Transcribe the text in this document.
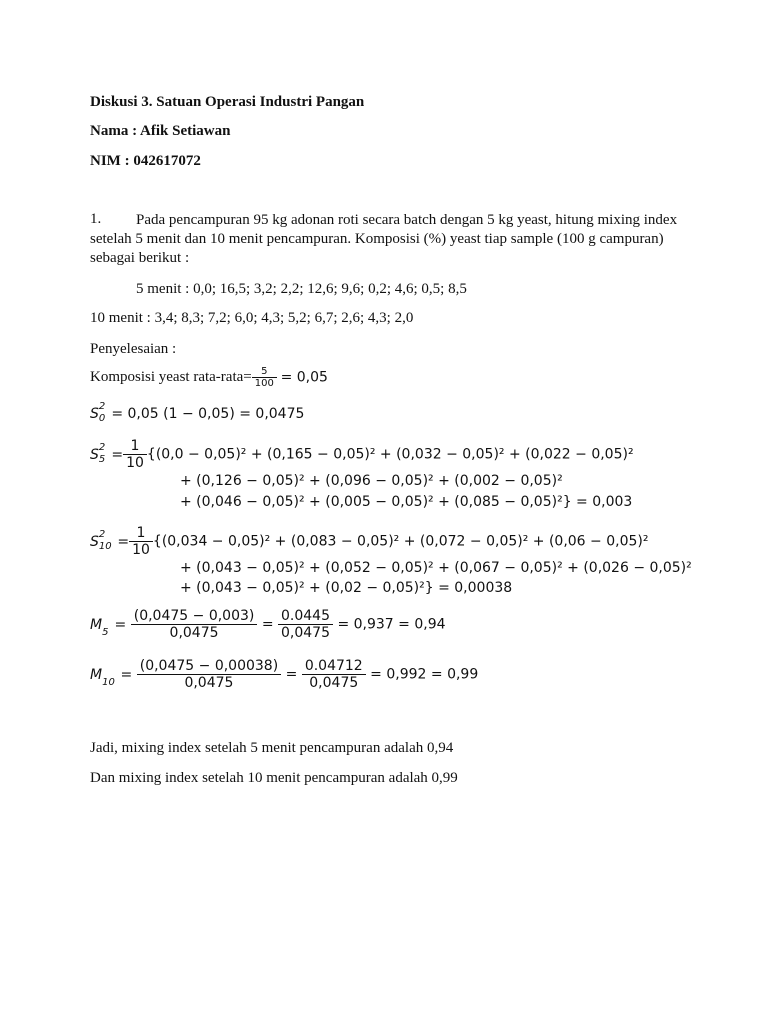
Diskusi 3. Satuan Operasi Industri Pangan
Nama : Afik Setiawan
NIM : 042617072
1.	Pada pencampuran 95 kg adonan roti secara batch dengan 5 kg yeast, hitung mixing index setelah 5 menit dan 10 menit pencampuran. Komposisi (%) yeast tiap sample (100 g campuran) sebagai berikut :
5 menit : 0,0; 16,5; 3,2; 2,2; 12,6; 9,6; 0,2; 4,6; 0,5; 8,5
10 menit : 3,4; 8,3; 7,2; 6,0; 4,3; 5,2; 6,7; 2,6; 4,3; 2,0
Penyelesaian :
Komposisi yeast rata-rata= $\frac{5}{100} = 0,05$
S 2
0 = 0,05 (1 − 0,05) = 0,0475
S 2
$5 = \frac{1}{10} \{(0,0 - 0,05)^2 + (0,165 - 0,05)^2 + (0,032 - 0,05)^2 + (0,022 - 0,05)^2$
+ (0,126 − 0,05)² + (0,096 − 0,05)² + (0,002 − 0,05)²
+ (0,046 − 0,05)² + (0,005 − 0,05)² + (0,085 − 0,05)²} = 0,003
S 2
$10 = \frac{1}{10} \{(0,034 - 0,05)^2 + (0,083 - 0,05)^2 + (0,072 - 0,05)^2 + (0,06 - 0,05)^2$
+ (0,043 − 0,05)² + (0,052 − 0,05)² + (0,067 − 0,05)² + (0,026 − 0,05)²
+ (0,043 − 0,05)² + (0,02 − 0,05)²} = 0,00038
M $5 = \frac{(0,0475 - 0,003)}{0,0475} = \frac{0.0445}{0,0475} = 0,937 = 0,94$
M $10 = \frac{(0,0475 - 0,00038)}{0,0475} = \frac{0.04712}{0,0475} = 0,992 = 0,99$
Jadi, mixing index setelah 5 menit pencampuran adalah 0,94
Dan mixing index setelah 10 menit pencampuran adalah 0,99
